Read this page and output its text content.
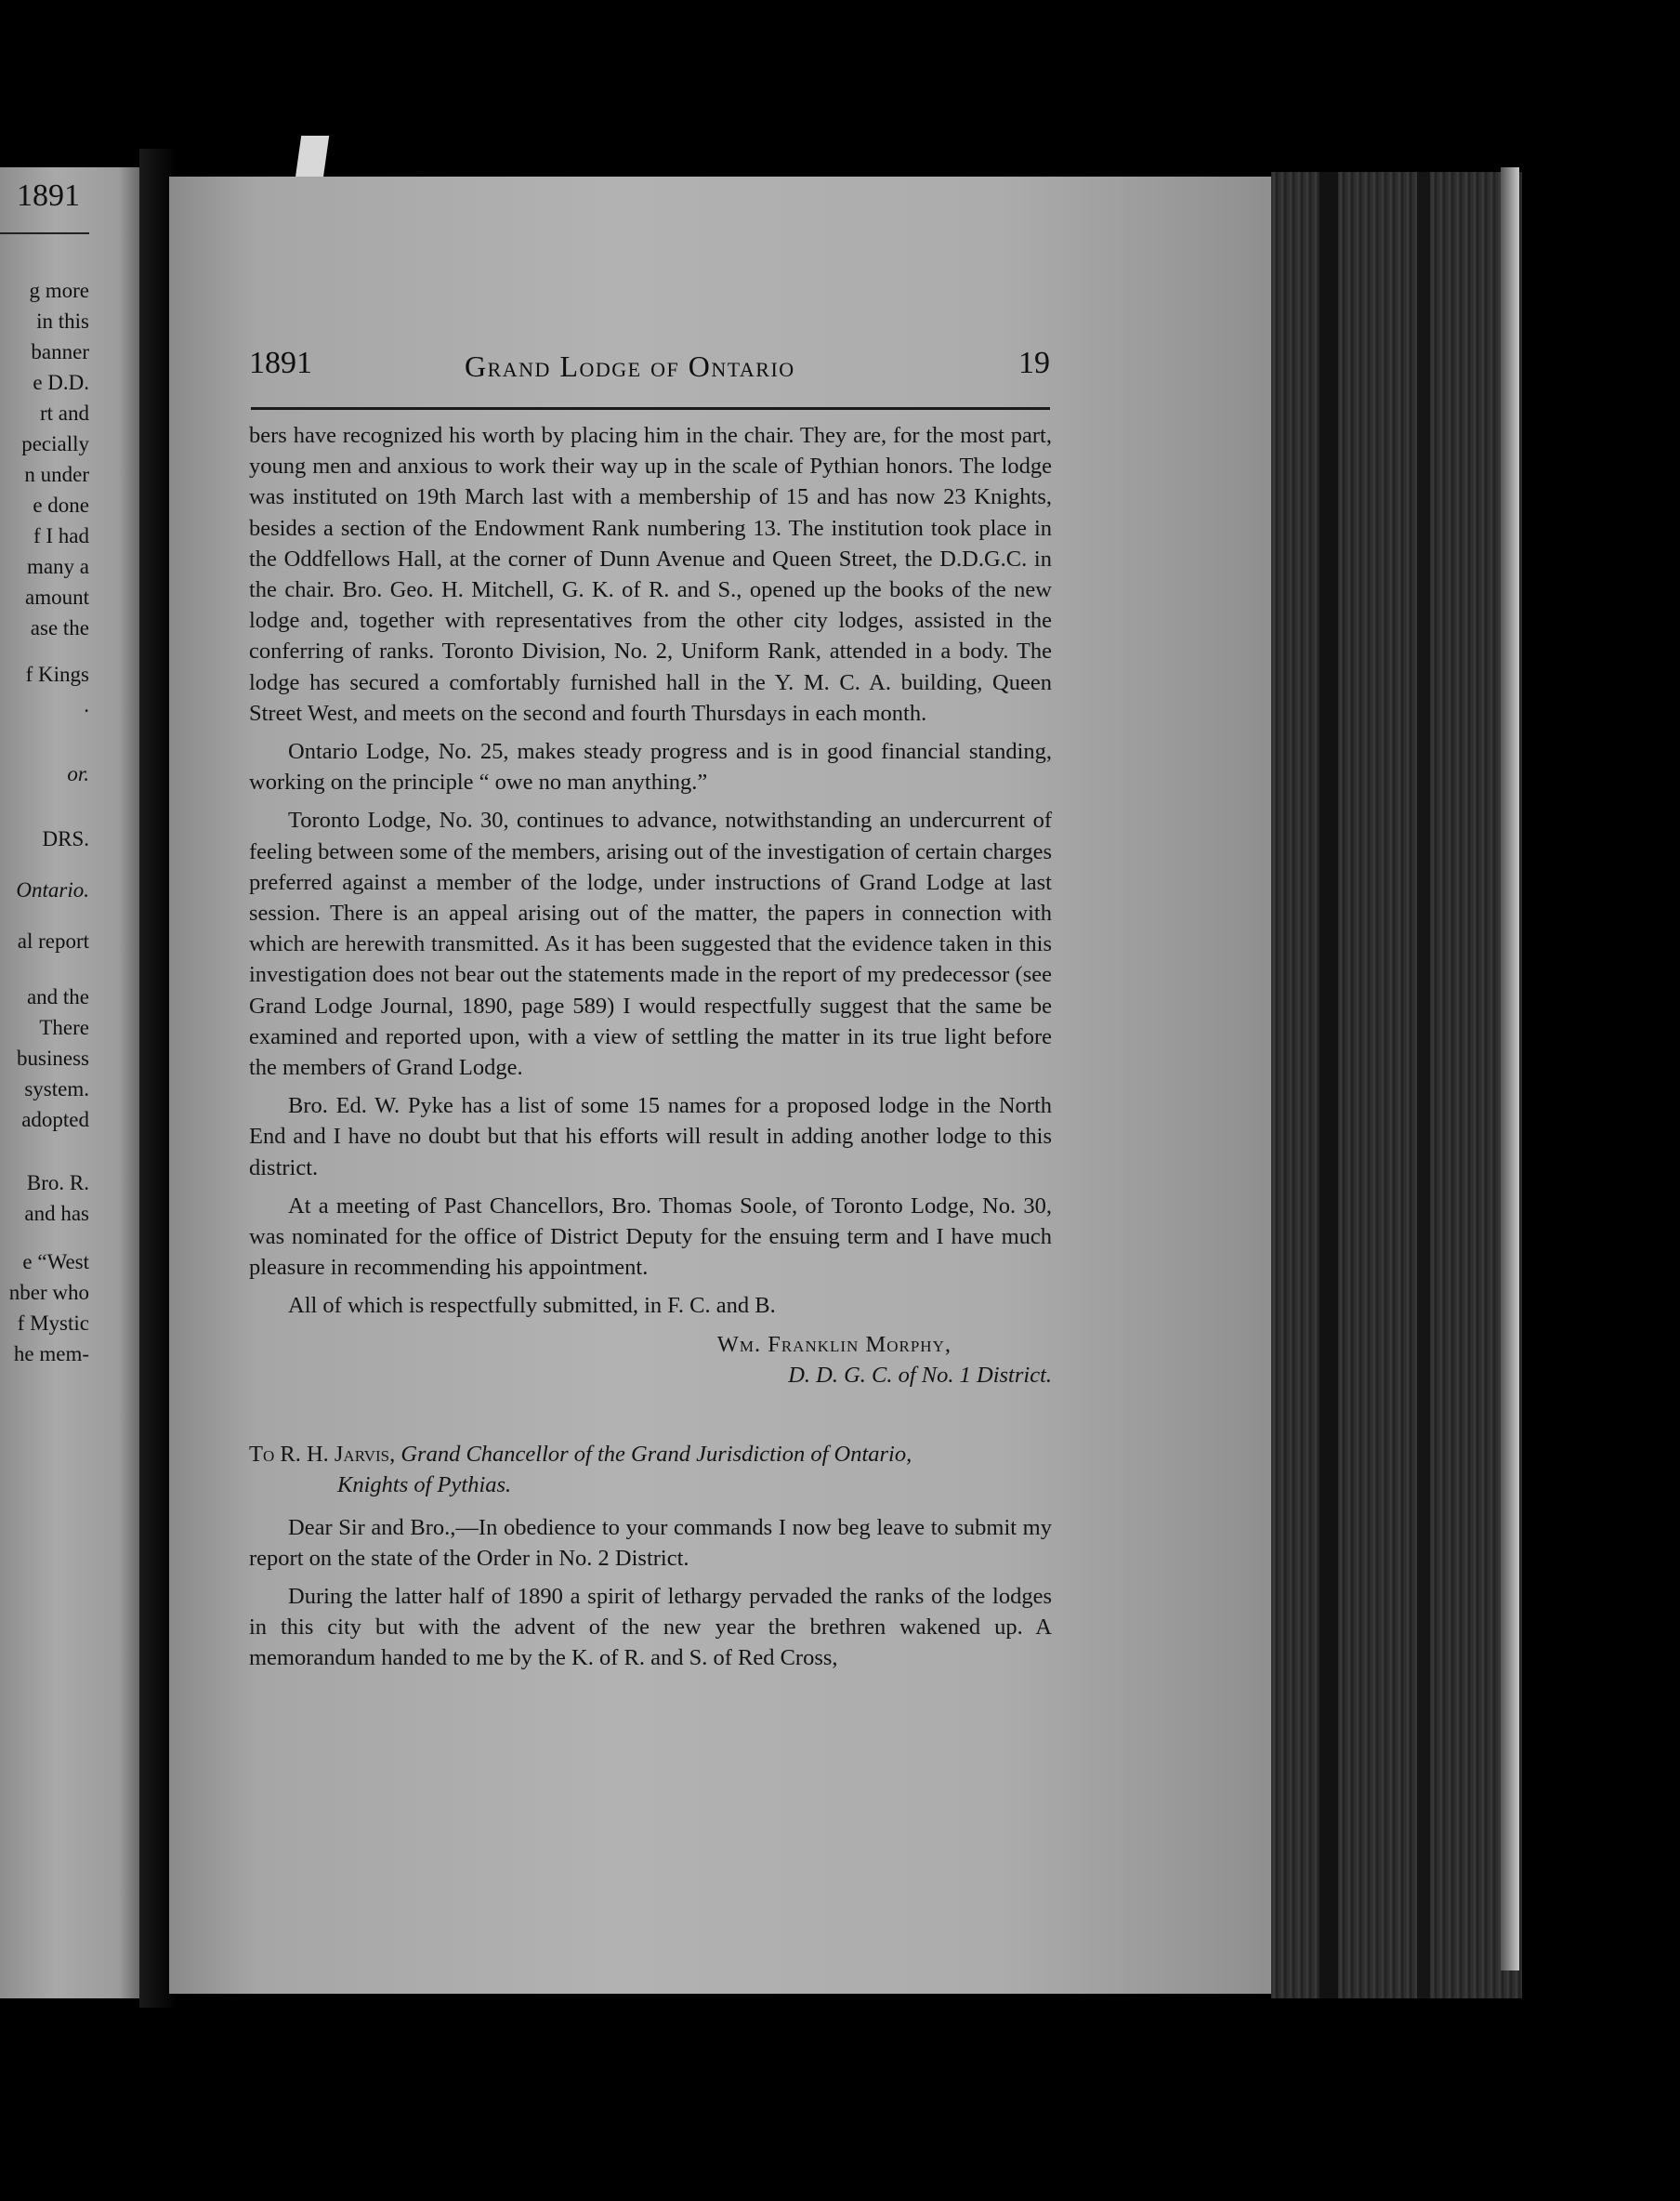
1891
g more
in this
banner
e D.D.
rt and
pecially
n under
e done
f I had
many a
amount
ase the
f Kings
.
or.
DRS.
Ontario.
al report
and the
There
business
system.
adopted
Bro. R.
and has
e “West
nber who
f Mystic
he mem-
1891	Grand Lodge of Ontario	19

bers have recognized his worth by placing him in the chair. They are, for the most part, young men and anxious to work their way up in the scale of Pythian honors. The lodge was instituted on 19th March last with a membership of 15 and has now 23 Knights, besides a section of the Endowment Rank numbering 13. The institution took place in the Oddfellows Hall, at the corner of Dunn Avenue and Queen Street, the D.D.G.C. in the chair. Bro. Geo. H. Mitchell, G. K. of R. and S., opened up the books of the new lodge and, together with representatives from the other city lodges, assisted in the conferring of ranks. Toronto Division, No. 2, Uniform Rank, attended in a body. The lodge has secured a comfortably furnished hall in the Y. M. C. A. building, Queen Street West, and meets on the second and fourth Thursdays in each month.

Ontario Lodge, No. 25, makes steady progress and is in good financial standing, working on the principle “ owe no man anything.”

Toronto Lodge, No. 30, continues to advance, notwithstanding an undercurrent of feeling between some of the members, arising out of the investigation of certain charges preferred against a member of the lodge, under instructions of Grand Lodge at last session. There is an appeal arising out of the matter, the papers in connection with which are herewith transmitted. As it has been suggested that the evidence taken in this investigation does not bear out the statements made in the report of my predecessor (see Grand Lodge Journal, 1890, page 589) I would respectfully suggest that the same be examined and reported upon, with a view of settling the matter in its true light before the members of Grand Lodge.

Bro. Ed. W. Pyke has a list of some 15 names for a proposed lodge in the North End and I have no doubt but that his efforts will result in adding another lodge to this district.

At a meeting of Past Chancellors, Bro. Thomas Soole, of Toronto Lodge, No. 30, was nominated for the office of District Deputy for the ensuing term and I have much pleasure in recommending his appointment.

All of which is respectfully submitted, in F. C. and B.

Wm. Franklin Morphy,
D. D. G. C. of No. 1 District.
To R. H. Jarvis, Grand Chancellor of the Grand Jurisdiction of Ontario,
Knights of Pythias.

Dear Sir and Bro.,—In obedience to your commands I now beg leave to submit my report on the state of the Order in No. 2 District.

During the latter half of 1890 a spirit of lethargy pervaded the ranks of the lodges in this city but with the advent of the new year the brethren wakened up. A memorandum handed to me by the K. of R. and S. of Red Cross,
